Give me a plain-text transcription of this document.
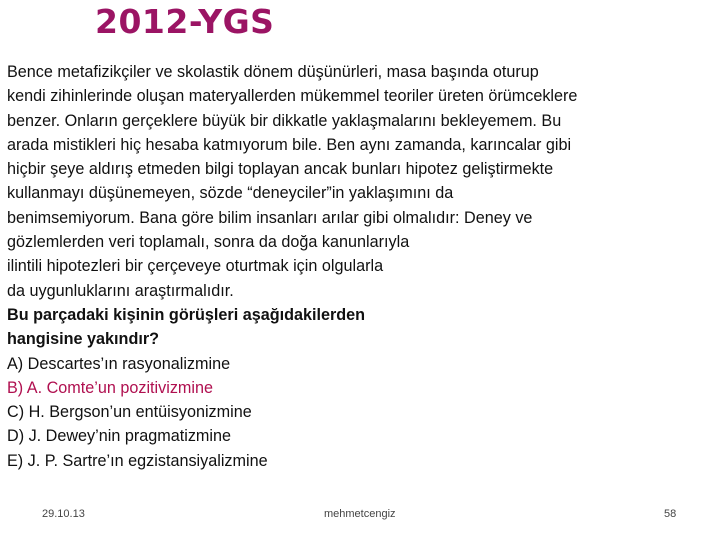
2012-YGS
Bence metafizikçiler ve skolastik dönem düşünürleri, masa başında oturup
kendi zihinlerinde oluşan materyallerden mükemmel teoriler üreten örümceklere
benzer. Onların gerçeklere büyük bir dikkatle yaklaşmalarını bekleyemem. Bu
arada mistikleri hiç hesaba katmıyorum bile. Ben aynı zamanda, karıncalar gibi
hiçbir şeye aldırış etmeden bilgi toplayan ancak bunları hipotez geliştirmekte
kullanmayı düşünemeyen, sözde “deneyciler”in yaklaşımını da
benimsemiyorum. Bana göre bilim insanları arılar gibi olmalıdır: Deney ve
gözlemlerden veri toplamalı, sonra da doğa kanunlarıyla
ilintili hipotezleri bir çerçeveye oturtmak için olgularla
da uygunluklarını araştırmalıdır.
Bu parçadaki kişinin görüşleri aşağıdakilerden
hangisine yakındır?
A) Descartes’ın rasyonalizmine
B) A. Comte’un pozitivizmine
C) H. Bergson’un entüisyonizmine
D) J. Dewey’nin pragmatizmine
E) J. P. Sartre’ın egzistansiyalizmine
29.10.13	mehmetcengiz	58
